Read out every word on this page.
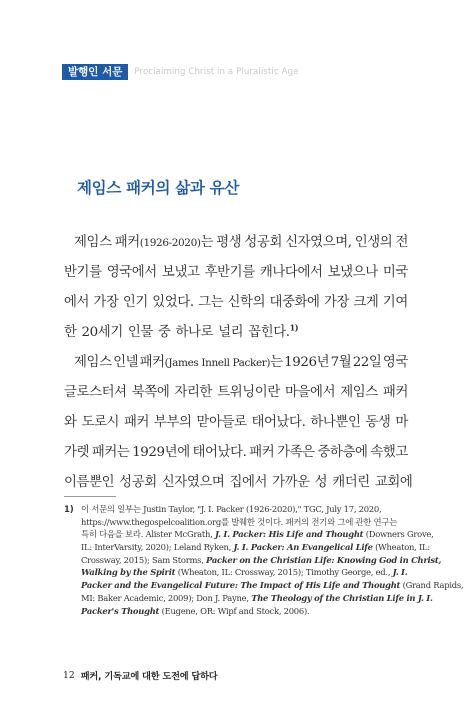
발행인 서문	Proclaiming Christ in a Pluralistic Age
제임스 패커의 삶과 유산
제임스 패커(1926-2020)는 평생 성공회 신자였으며, 인생의 전
반기를 영국에서 보냈고 후반기를 캐나다에서 보냈으나 미국
에서 가장 인기 있었다. 그는 신학의 대중화에 가장 크게 기여
한 20세기 인물 중 하나로 널리 꼽힌다.$^{1)}$
제임스 인넬 패커(James Innell Packer)는 1926년 7월 22일 영국
글로스터셔 북쪽에 자리한 트위닝이란 마을에서 제임스 패커
와 도로시 패커 부부의 맏아들로 태어났다. 하나뿐인 동생 마
가렛 패커는 1929년에 태어났다. 패커 가족은 중하층에 속했고
이름뿐인 성공회 신자였으며 집에서 가까운 성 캐더린 교회에
1) 이 서문의 일부는 Justin Taylor, "J. I. Packer (1926-2020)," TGC, July 17, 2020,
https://www.thegospelcoalition.org를 발췌한 것이다. 패커의 전기와 그에 관한 연구는
특히 다음을 보라. Alister McGrath, J. I. Packer: His Life and Thought (Downers Grove,
IL: InterVarsity, 2020); Leland Ryken, J. I. Packer: An Evangelical Life (Wheaton, IL:
Crossway, 2015); Sam Storms, Packer on the Christian Life: Knowing God in Christ,
Walking by the Spirit (Wheaton, IL: Crossway, 2015); Timothy George, ed., J. I.
Packer and the Evangelical Future: The Impact of His Life and Thought (Grand Rapids,
MI: Baker Academic, 2009); Don J. Payne, The Theology of the Christian Life in J. I.
Packer's Thought (Eugene, OR: Wipf and Stock, 2006).
12 패커, 기독교에 대한 도전에 답하다
